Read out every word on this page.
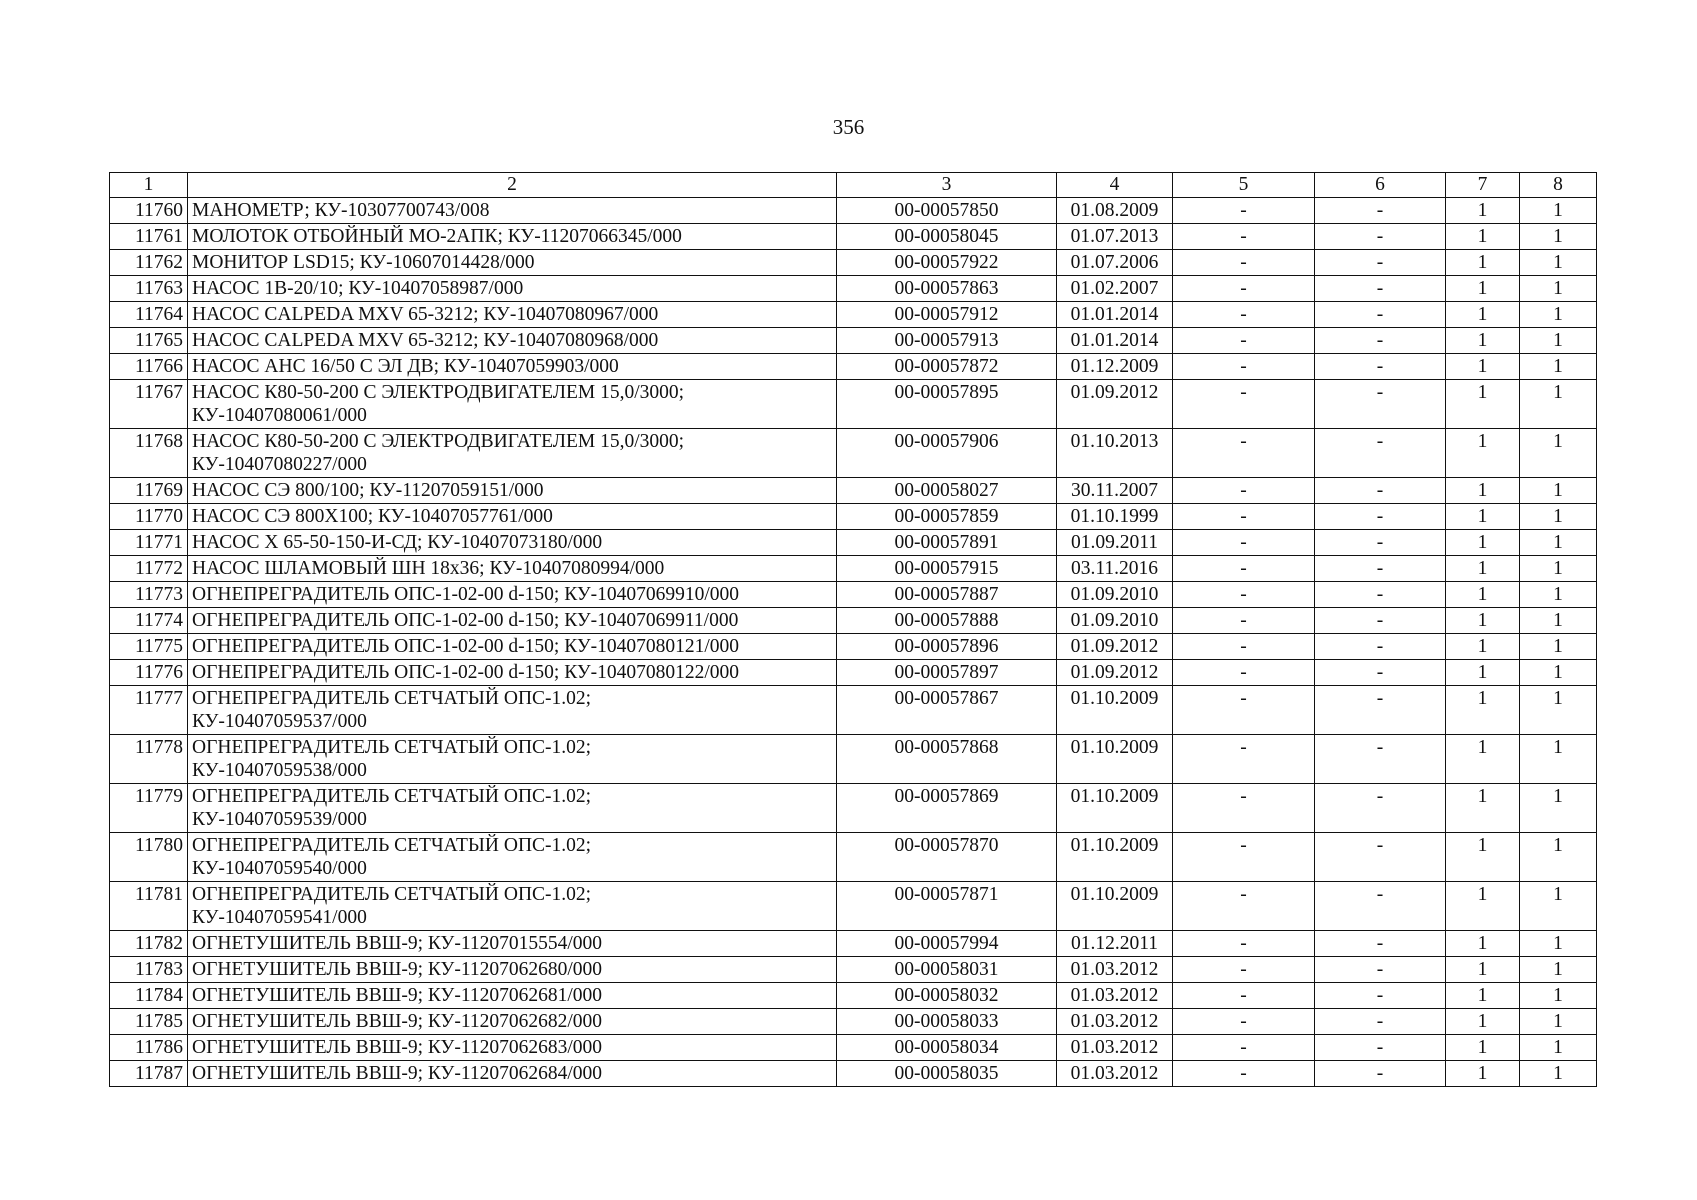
356
1	2	3	4	5	6	7	8
11760	МАНОМЕТР; КУ-10307700743/008	00-00057850	01.08.2009	-	-	1	1
11761	МОЛОТОК ОТБОЙНЫЙ МО-2АПК; КУ-11207066345/000	00-00058045	01.07.2013	-	-	1	1
11762	МОНИТОР LSD15; КУ-10607014428/000	00-00057922	01.07.2006	-	-	1	1
11763	НАСОС 1В-20/10; КУ-10407058987/000	00-00057863	01.02.2007	-	-	1	1
11764	НАСОС CALPEDA MXV 65-3212; КУ-10407080967/000	00-00057912	01.01.2014	-	-	1	1
11765	НАСОС CALPEDA MXV 65-3212; КУ-10407080968/000	00-00057913	01.01.2014	-	-	1	1
11766	НАСОС АНС 16/50 С ЭЛ ДВ; КУ-10407059903/000	00-00057872	01.12.2009	-	-	1	1
11767	НАСОС К80-50-200 С ЭЛЕКТРОДВИГАТЕЛЕМ 15,0/3000;
КУ-10407080061/000	00-00057895	01.09.2012	-	-	1	1
11768	НАСОС К80-50-200 С ЭЛЕКТРОДВИГАТЕЛЕМ 15,0/3000;
КУ-10407080227/000	00-00057906	01.10.2013	-	-	1	1
11769	НАСОС СЭ 800/100; КУ-11207059151/000	00-00058027	30.11.2007	-	-	1	1
11770	НАСОС СЭ 800Х100; КУ-10407057761/000	00-00057859	01.10.1999	-	-	1	1
11771	НАСОС Х 65-50-150-И-СД; КУ-10407073180/000	00-00057891	01.09.2011	-	-	1	1
11772	НАСОС ШЛАМОВЫЙ ШН 18х36; КУ-10407080994/000	00-00057915	03.11.2016	-	-	1	1
11773	ОГНЕПРЕГРАДИТЕЛЬ ОПС-1-02-00 d-150; КУ-10407069910/000	00-00057887	01.09.2010	-	-	1	1
11774	ОГНЕПРЕГРАДИТЕЛЬ ОПС-1-02-00 d-150; КУ-10407069911/000	00-00057888	01.09.2010	-	-	1	1
11775	ОГНЕПРЕГРАДИТЕЛЬ ОПС-1-02-00 d-150; КУ-10407080121/000	00-00057896	01.09.2012	-	-	1	1
11776	ОГНЕПРЕГРАДИТЕЛЬ ОПС-1-02-00 d-150; КУ-10407080122/000	00-00057897	01.09.2012	-	-	1	1
11777	ОГНЕПРЕГРАДИТЕЛЬ СЕТЧАТЫЙ ОПС-1.02;
КУ-10407059537/000	00-00057867	01.10.2009	-	-	1	1
11778	ОГНЕПРЕГРАДИТЕЛЬ СЕТЧАТЫЙ ОПС-1.02;
КУ-10407059538/000	00-00057868	01.10.2009	-	-	1	1
11779	ОГНЕПРЕГРАДИТЕЛЬ СЕТЧАТЫЙ ОПС-1.02;
КУ-10407059539/000	00-00057869	01.10.2009	-	-	1	1
11780	ОГНЕПРЕГРАДИТЕЛЬ СЕТЧАТЫЙ ОПС-1.02;
КУ-10407059540/000	00-00057870	01.10.2009	-	-	1	1
11781	ОГНЕПРЕГРАДИТЕЛЬ СЕТЧАТЫЙ ОПС-1.02;
КУ-10407059541/000	00-00057871	01.10.2009	-	-	1	1
11782	ОГНЕТУШИТЕЛЬ ВВШ-9; КУ-11207015554/000	00-00057994	01.12.2011	-	-	1	1
11783	ОГНЕТУШИТЕЛЬ ВВШ-9; КУ-11207062680/000	00-00058031	01.03.2012	-	-	1	1
11784	ОГНЕТУШИТЕЛЬ ВВШ-9; КУ-11207062681/000	00-00058032	01.03.2012	-	-	1	1
11785	ОГНЕТУШИТЕЛЬ ВВШ-9; КУ-11207062682/000	00-00058033	01.03.2012	-	-	1	1
11786	ОГНЕТУШИТЕЛЬ ВВШ-9; КУ-11207062683/000	00-00058034	01.03.2012	-	-	1	1
11787	ОГНЕТУШИТЕЛЬ ВВШ-9; КУ-11207062684/000	00-00058035	01.03.2012	-	-	1	1
